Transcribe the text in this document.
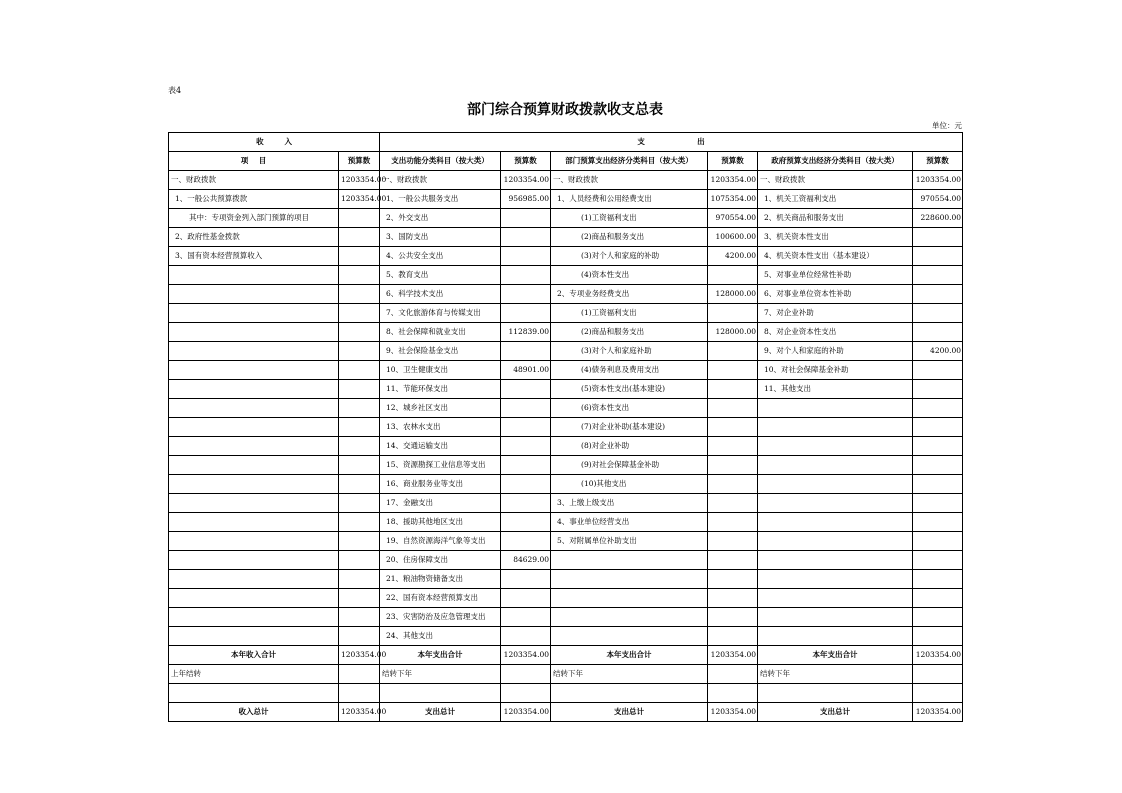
表4
部门综合预算财政拨款收支总表
单位：元
收        入		支                    出					
项    目	预算数	支出功能分类科目（按大类）	预算数	部门预算支出经济分类科目（按大类）	预算数	政府预算支出经济分类科目（按大类）	预算数
一、财政拨款	1203354.00	一、财政拨款	1203354.00	一、财政拨款	1203354.00	一、财政拨款	1203354.00
1、一般公共预算拨款	1203354.00	1、一般公共服务支出	956985.00	1、人员经费和公用经费支出	1075354.00	1、机关工资福利支出	970554.00
其中：专项资金列入部门预算的项目		2、外交支出		(1)工资福利支出	970554.00	2、机关商品和服务支出	228600.00
2、政府性基金拨款		3、国防支出		(2)商品和服务支出	100600.00	3、机关资本性支出	
3、国有资本经营预算收入		4、公共安全支出		(3)对个人和家庭的补助	4200.00	4、机关资本性支出（基本建设）	
		5、教育支出		(4)资本性支出		5、对事业单位经常性补助	
		6、科学技术支出		2、专项业务经费支出	128000.00	6、对事业单位资本性补助	
		7、文化旅游体育与传媒支出		(1)工资福利支出		7、对企业补助	
		8、社会保障和就业支出	112839.00	(2)商品和服务支出	128000.00	8、对企业资本性支出	
		9、社会保险基金支出		(3)对个人和家庭补助		9、对个人和家庭的补助	4200.00
		10、卫生健康支出	48901.00	(4)债务利息及费用支出		10、对社会保障基金补助	
		11、节能环保支出		(5)资本性支出(基本建设)		11、其他支出	
		12、城乡社区支出		(6)资本性支出			
		13、农林水支出		(7)对企业补助(基本建设)			
		14、交通运输支出		(8)对企业补助			
		15、资源勘探工业信息等支出		(9)对社会保障基金补助			
		16、商业服务业等支出		(10)其他支出			
		17、金融支出		3、上缴上级支出			
		18、援助其他地区支出		4、事业单位经营支出			
		19、自然资源海洋气象等支出		5、对附属单位补助支出			
		20、住房保障支出	84629.00				
		21、粮油物资储备支出					
		22、国有资本经营预算支出					
		23、灾害防治及应急管理支出					
		24、其他支出					
本年收入合计	1203354.00	本年支出合计	1203354.00	本年支出合计	1203354.00	本年支出合计	1203354.00
上年结转		结转下年		结转下年		结转下年	

收入总计	1203354.00	支出总计	1203354.00	支出总计	1203354.00	支出总计	1203354.00
